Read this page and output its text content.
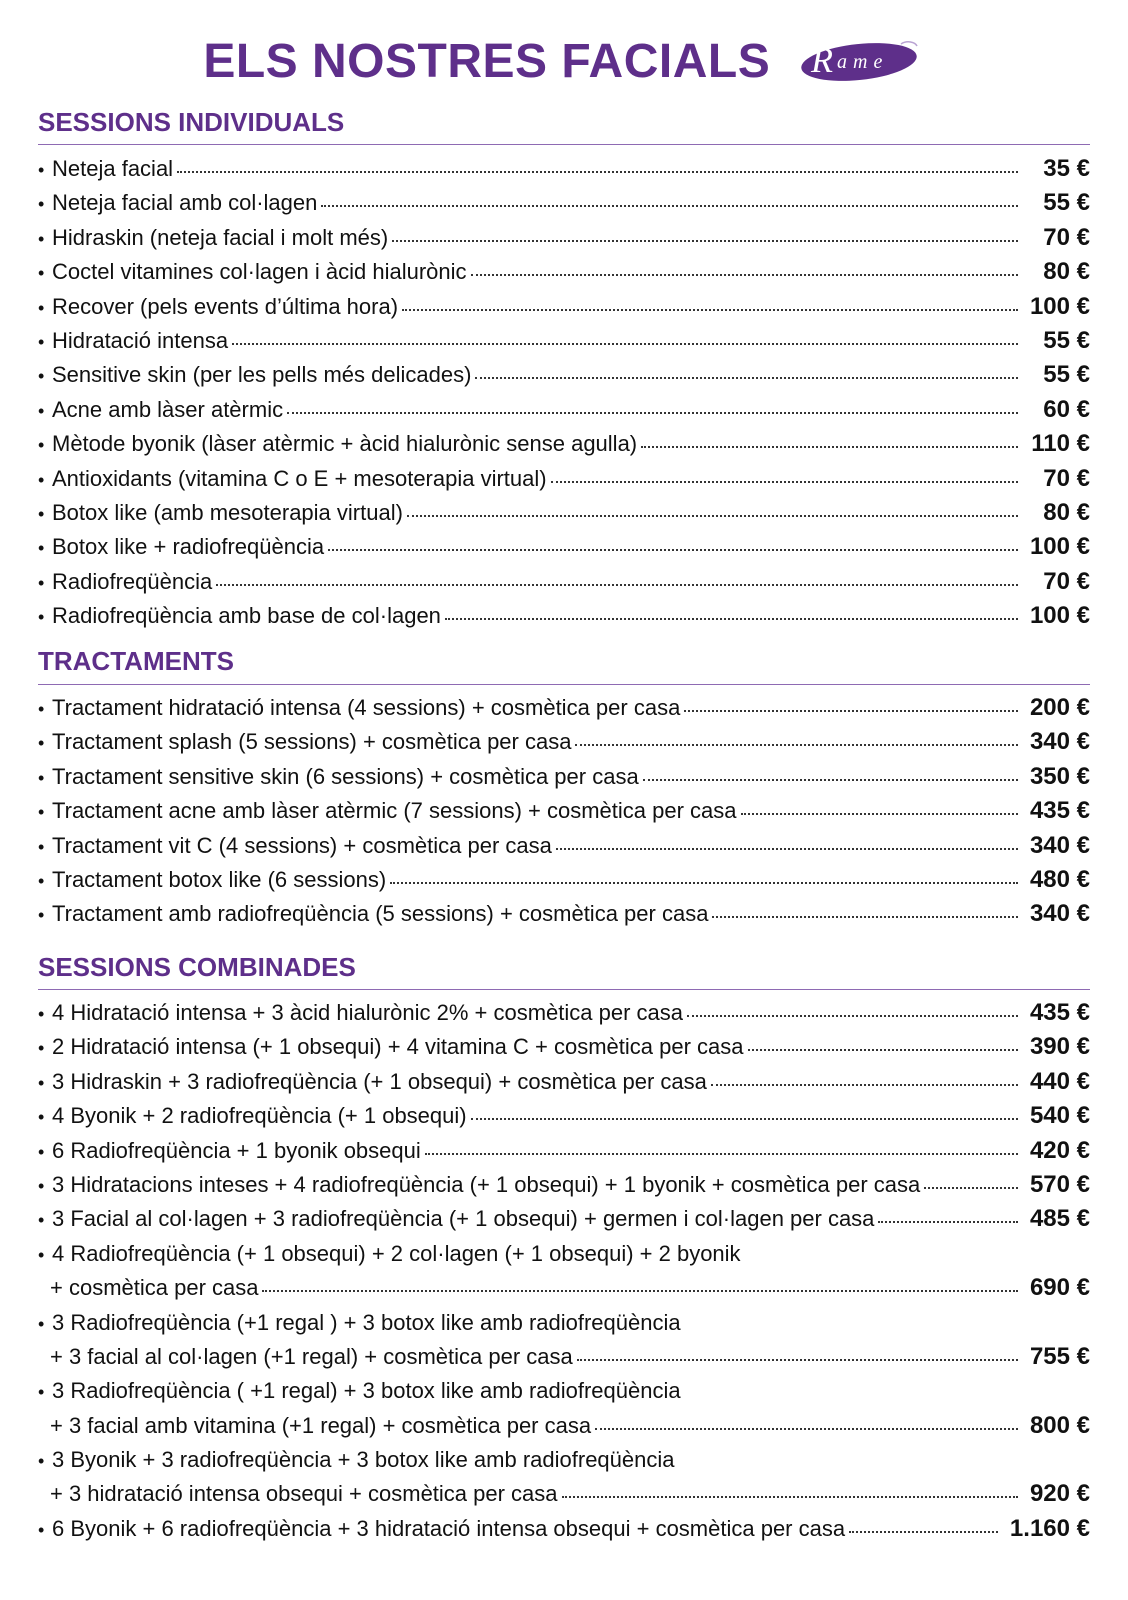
ELS NOSTRES FACIALS R ame
SESSIONS INDIVIDUALS
• Neteja facial	35 €
• Neteja facial amb col·lagen	55 €
• Hidraskin (neteja facial i molt més)	70 €
• Coctel vitamines col·lagen i àcid hialurònic	80 €
• Recover (pels events d’última hora)	100 €
• Hidratació intensa	55 €
• Sensitive skin (per les pells més delicades)	55 €
• Acne amb làser atèrmic	60 €
• Mètode byonik (làser atèrmic + àcid hialurònic sense agulla)	110 €
• Antioxidants (vitamina C o E + mesoterapia virtual)	70 €
• Botox like (amb mesoterapia virtual)	80 €
• Botox like + radiofreqüència	100 €
• Radiofreqüència	70 €
• Radiofreqüència amb base de col·lagen	100 €
TRACTAMENTS
• Tractament hidratació intensa (4 sessions) + cosmètica per casa	200 €
• Tractament splash (5 sessions) + cosmètica per casa	340 €
• Tractament sensitive skin (6 sessions) + cosmètica per casa	350 €
• Tractament acne amb làser atèrmic (7 sessions) + cosmètica per casa	435 €
• Tractament vit C (4 sessions) + cosmètica per casa	340 €
• Tractament botox like (6 sessions)	480 €
• Tractament amb radiofreqüència (5 sessions) + cosmètica per casa	340 €
SESSIONS COMBINADES
• 4 Hidratació intensa + 3 àcid hialurònic 2% + cosmètica per casa	435 €
• 2 Hidratació intensa (+ 1 obsequi) + 4 vitamina C + cosmètica per casa	390 €
• 3 Hidraskin + 3 radiofreqüència (+ 1 obsequi) + cosmètica per casa	440 €
• 4 Byonik + 2 radiofreqüència (+ 1 obsequi)	540 €
• 6 Radiofreqüència + 1 byonik obsequi	420 €
• 3 Hidratacions inteses + 4 radiofreqüència (+ 1 obsequi) + 1 byonik + cosmètica per casa	570 €
• 3 Facial al col·lagen + 3 radiofreqüència (+ 1 obsequi) + germen i col·lagen per casa	485 €
• 4 Radiofreqüència (+ 1 obsequi) + 2 col·lagen (+ 1 obsequi) + 2 byonik
+ cosmètica per casa	690 €
• 3 Radiofreqüència (+1 regal ) + 3 botox like amb radiofreqüència
+ 3 facial al col·lagen (+1 regal) + cosmètica per casa	755 €
• 3 Radiofreqüència ( +1 regal) + 3 botox like amb radiofreqüència
+ 3 facial amb vitamina (+1 regal) + cosmètica per casa	800 €
• 3 Byonik + 3 radiofreqüència + 3 botox like amb radiofreqüència
+ 3 hidratació intensa obsequi + cosmètica per casa	920 €
• 6 Byonik + 6 radiofreqüència + 3 hidratació intensa obsequi + cosmètica per casa	1.160 €
